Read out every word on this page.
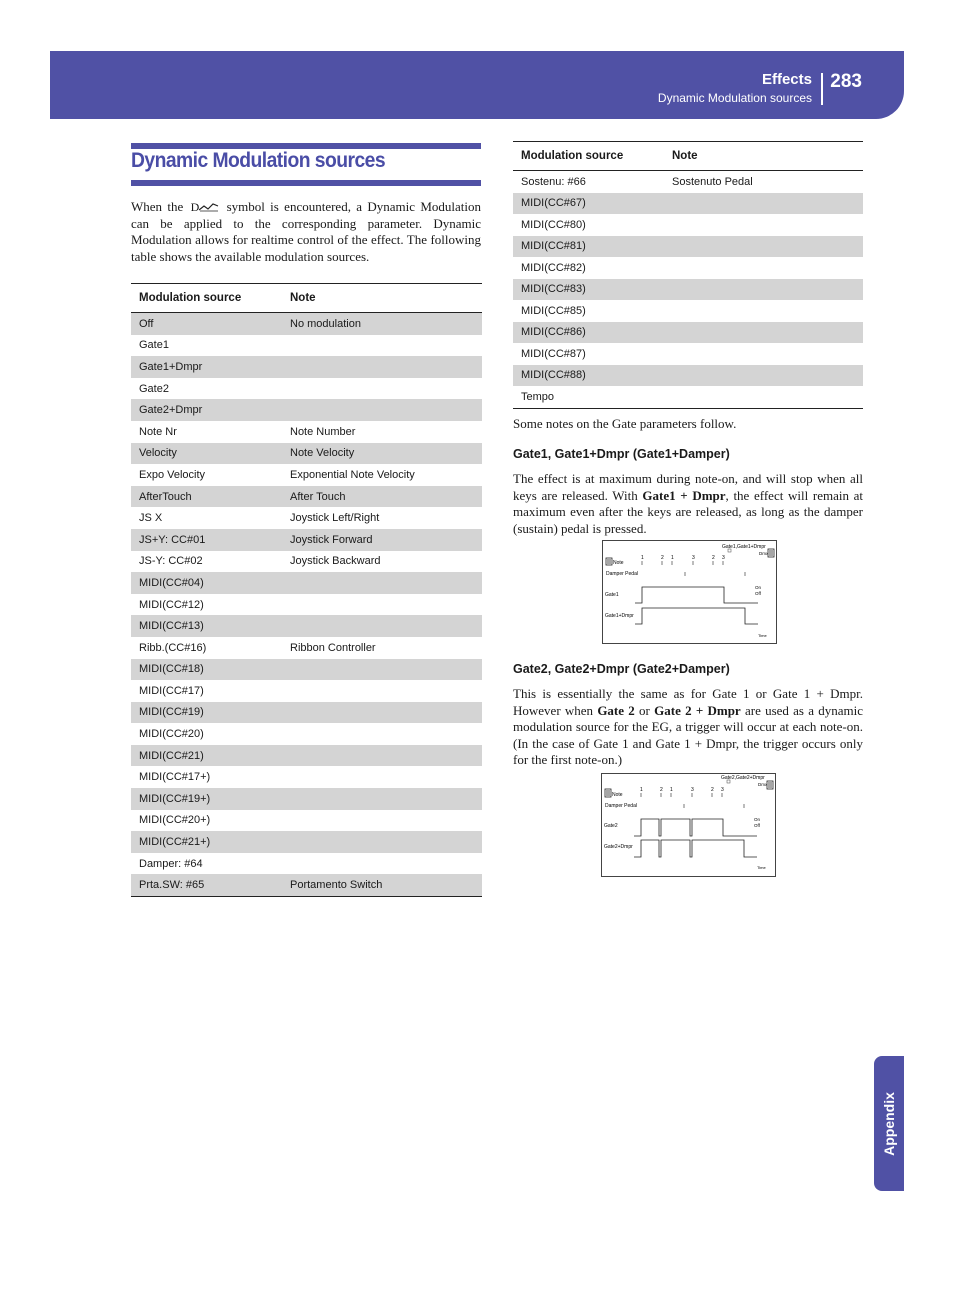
Effects
Dynamic Modulation sources
283
Dynamic Modulation sources
When the D symbol is encountered, a Dynamic Modulation can be applied to the corresponding parameter. Dynamic Modulation allows for realtime control of the effect. The following table shows the available modulation sources.
Modulation source	Note
Off	No modulation
Gate1	
Gate1+Dmpr	
Gate2	
Gate2+Dmpr	
Note Nr	Note Number
Velocity	Note Velocity
Expo Velocity	Exponential Note Velocity
AfterTouch	After Touch
JS X	Joystick Left/Right
JS+Y: CC#01	Joystick Forward
JS-Y: CC#02	Joystick Backward
MIDI(CC#04)	
MIDI(CC#12)	
MIDI(CC#13)	
Ribb.(CC#16)	Ribbon Controller
MIDI(CC#18)	
MIDI(CC#17)	
MIDI(CC#19)	
MIDI(CC#20)	
MIDI(CC#21)	
MIDI(CC#17+)	
MIDI(CC#19+)	
MIDI(CC#20+)	
MIDI(CC#21+)	
Damper: #64	
Prta.SW: #65	Portamento Switch
Modulation source	Note
Sostenu: #66	Sostenuto Pedal
MIDI(CC#67)	
MIDI(CC#80)	
MIDI(CC#81)	
MIDI(CC#82)	
MIDI(CC#83)	
MIDI(CC#85)	
MIDI(CC#86)	
MIDI(CC#87)	
MIDI(CC#88)	
Tempo	
Some notes on the Gate parameters follow.
Gate1, Gate1+Dmpr (Gate1+Damper)
The effect is at maximum during note-on, and will stop when all keys are released. With Gate1 + Dmpr, the effect will remain at maximum even after the keys are released, as long as the damper (sustain) pedal is pressed.
Gate1,Gate1+Dmpr
Dmx
Note
1	2 1	3	2 3
Damper Pedal
On
Off
Gate1
Gate1+Dmpr
Time
Gate2, Gate2+Dmpr (Gate2+Damper)
This is essentially the same as for Gate 1 or Gate 1 + Dmpr. However when Gate 2 or Gate 2 + Dmpr are used as a dynamic modulation source for the EG, a trigger will occur at each note-on. (In the case of Gate 1 and Gate 1 + Dmpr, the trigger occurs only for the first note-on.)
Gate2,Gate2+Dmpr
Dmx
Note
1	2 1	3	2 3
Damper Pedal
On
Off
Gate2
Gate2+Dmpr
Time
Appendix
